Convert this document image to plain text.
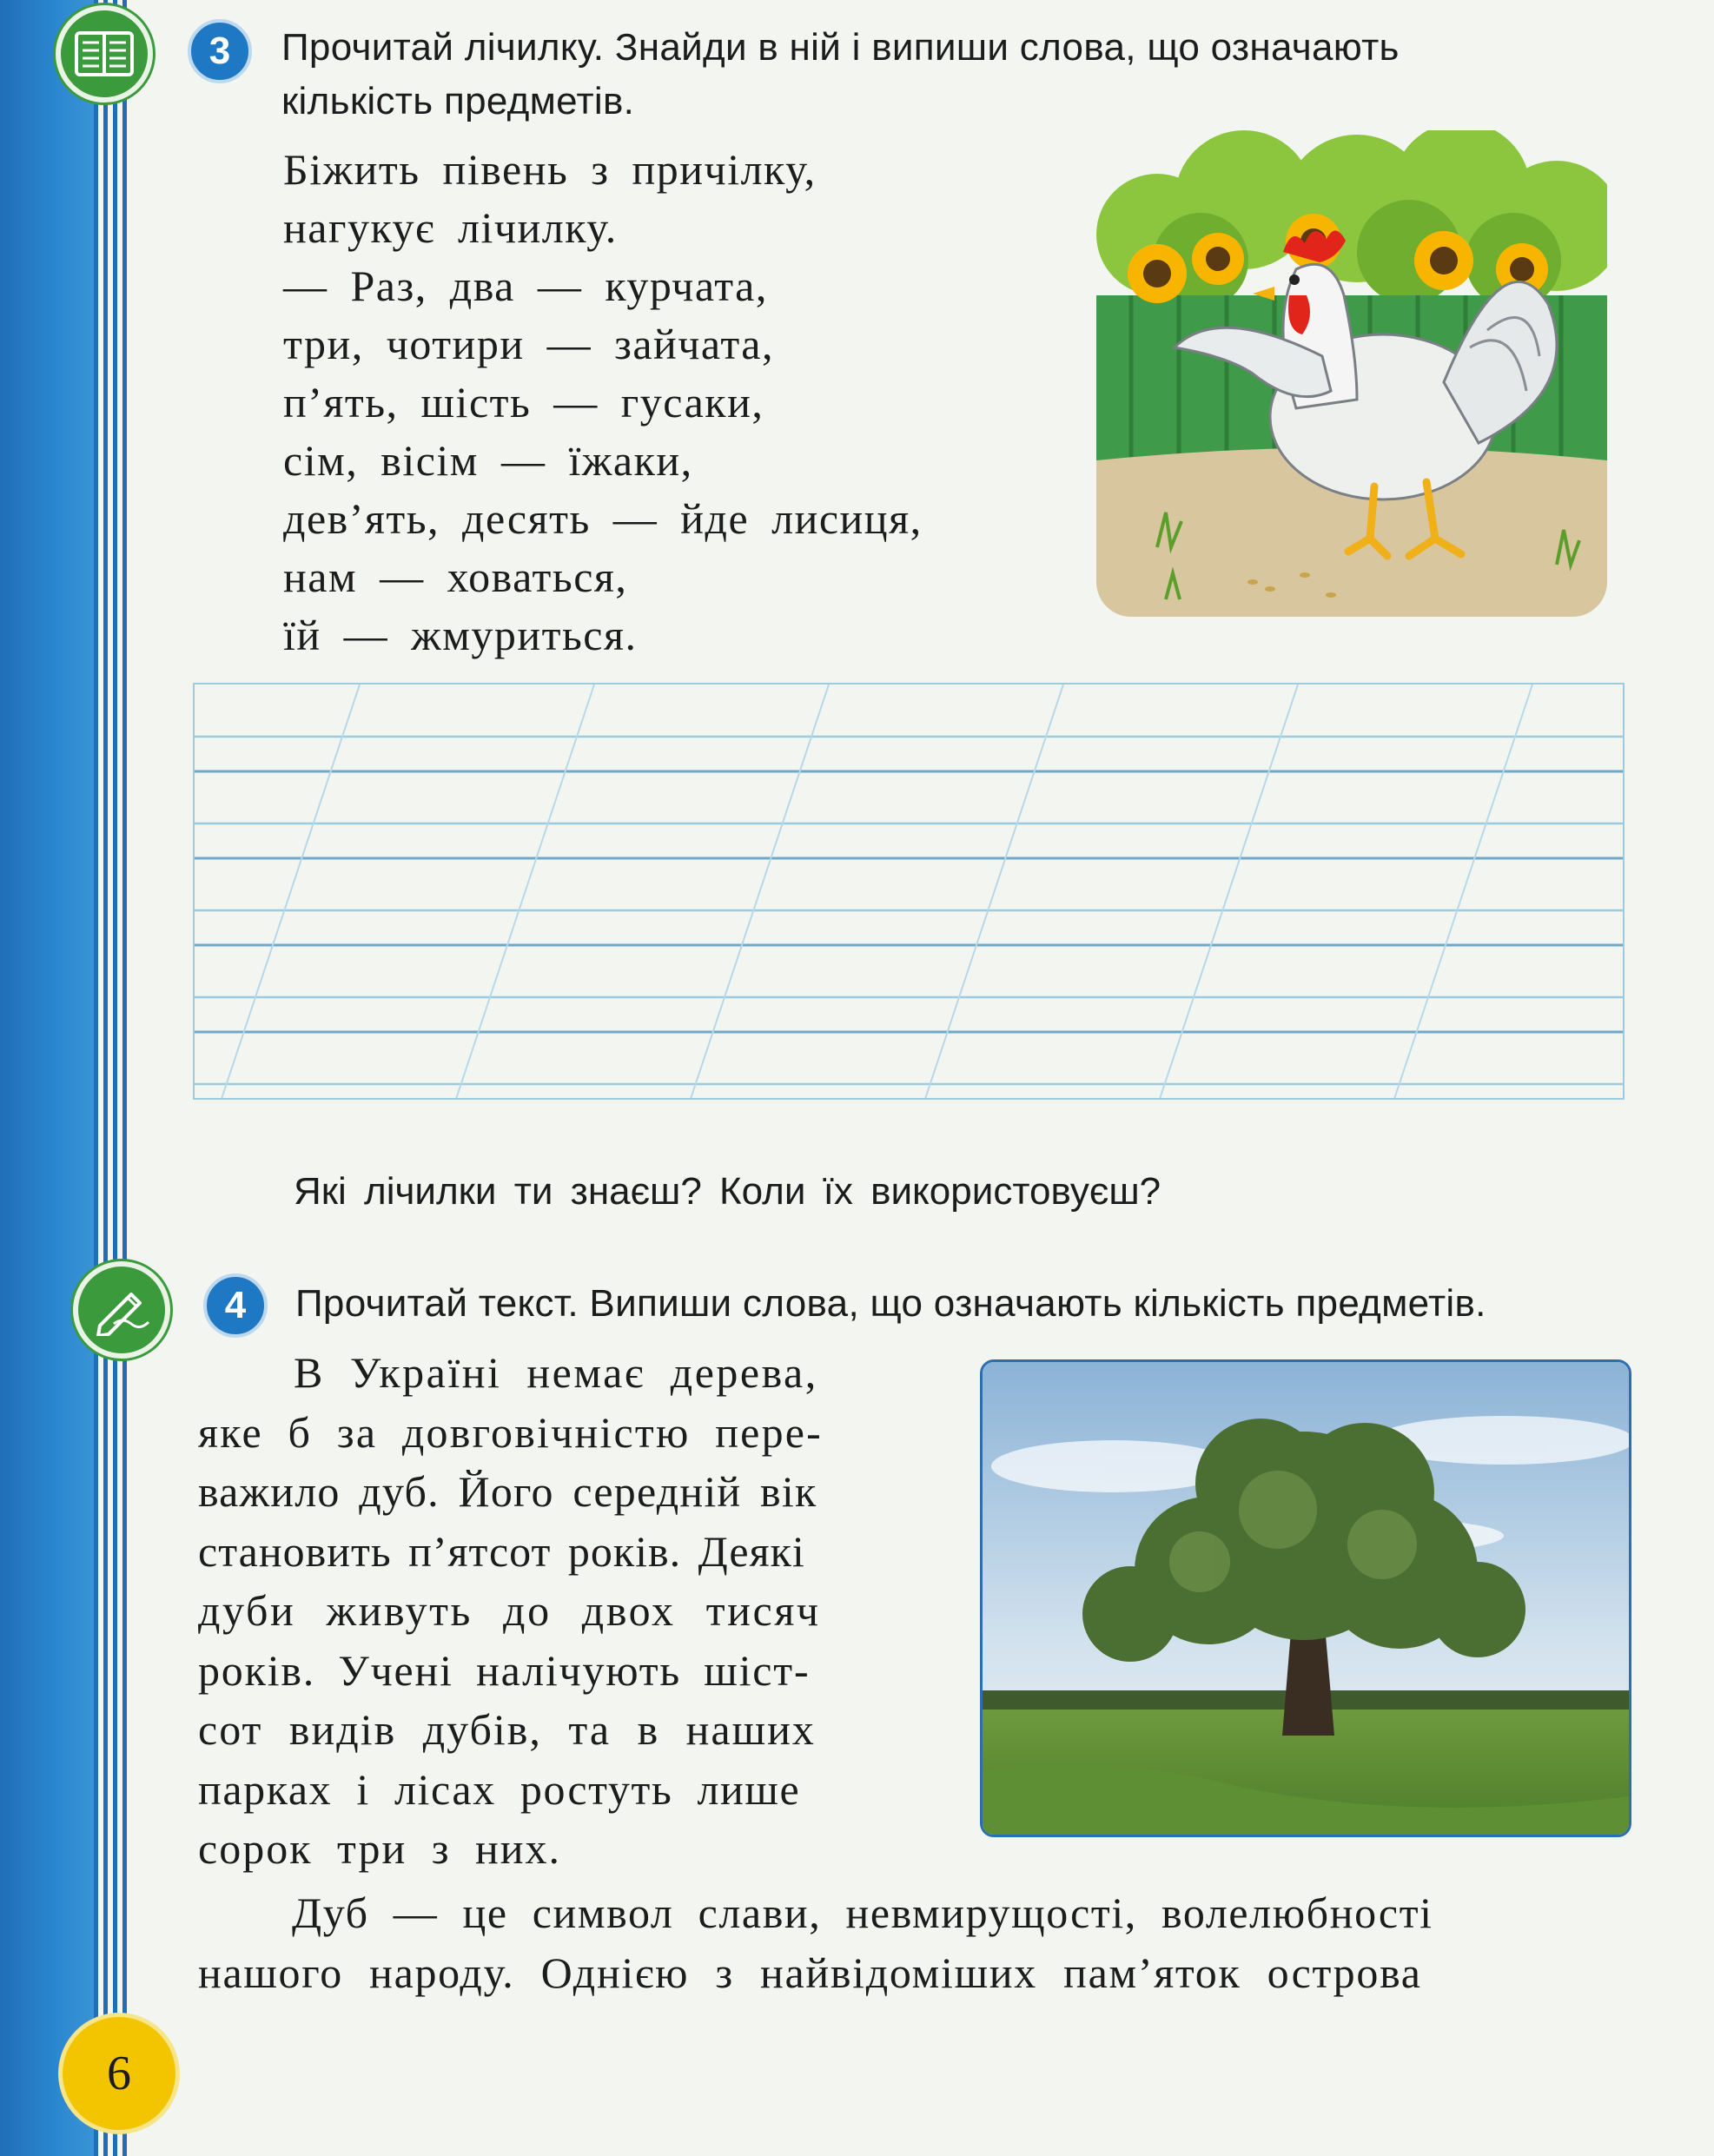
3	Прочитай лічилку. Знайди в ній і випиши слова, що означають
кількість предметів.
Біжить півень з причілку,
нагукує лічилку.
— Раз, два — курчата,
три, чотири — зайчата,
п’ять, шість — гусаки,
сім, вісім — їжаки,
дев’ять, десять — йде лисиця,
нам — ховаться,
їй — жмуриться.
Які лічилки ти знаєш? Коли їх використовуєш?
4	Прочитай текст. Випиши слова, що означають кількість предметів.
В Україні немає дерева,
яке б за довговічністю пере-
важило дуб. Його середній вік
становить п’ятсот років. Деякі
дуби живуть до двох тисяч
років. Учені налічують шіст-
сот видів дубів, та в наших
парках і лісах ростуть лише
сорок три з них.
Дуб — це символ слави, невмирущості, волелюбності
нашого народу. Однією з найвідоміших пам’яток острова
6
